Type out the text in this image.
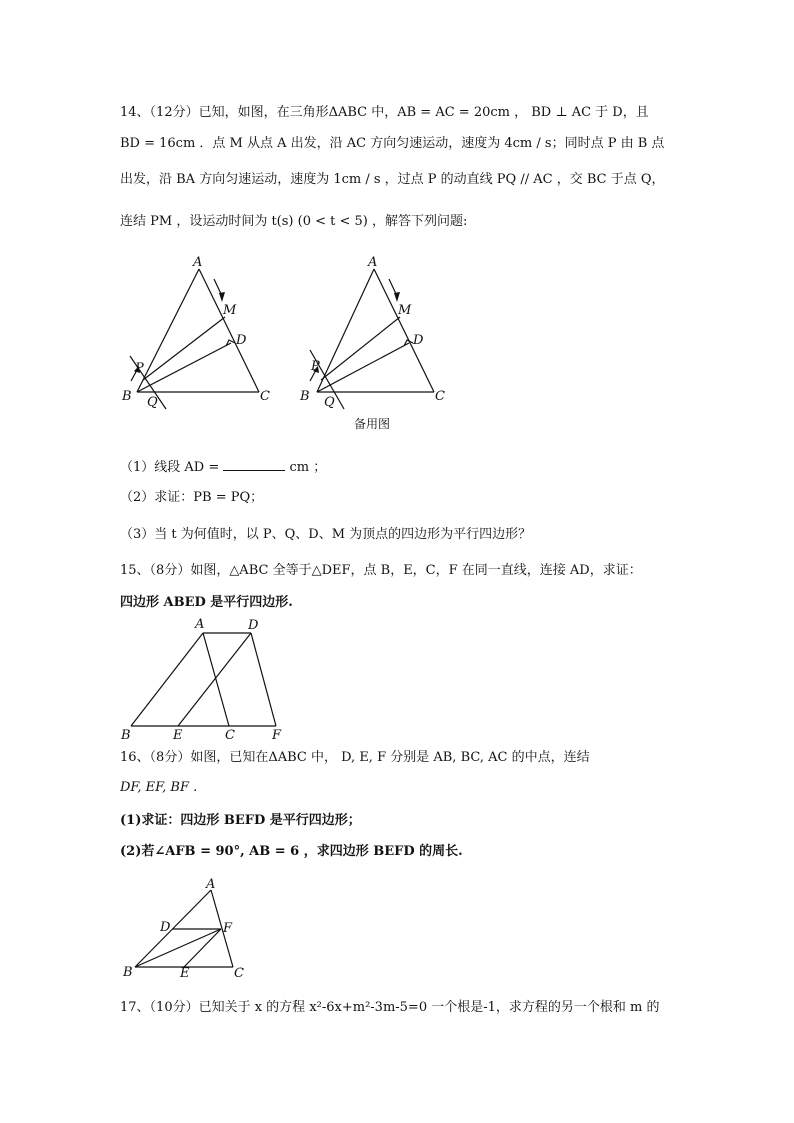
14、（12分）已知，如图，在三角形ΔABC 中，AB = AC = 20cm ， BD ⊥ AC 于 D，且
BD = 16cm ．点 M 从点 A 出发，沿 AC 方向匀速运动，速度为 4cm / s；同时点 P 由 B 点
出发，沿 BA 方向匀速运动，速度为 1cm / s ，过点 P 的动直线 PQ // AC ，交 BC 于点 Q，
连结 PM ，设运动时间为 t(s) (0 < t < 5) ，解答下列问题:
A
M
D
P
B Q	C
A
M
D
P
B Q	C
备用图
（1）线段 AD =	cm ；
（2）求证：PB = PQ；
（3）当 t 为何值时，以 P、Q、D、M 为顶点的四边形为平行四边形？
15、（8分）如图，△ABC 全等于△DEF，点 B，E，C，F 在同一直线，连接 AD，求证：
四边形 ABED 是平行四边形.
A	D
B	E	C	F
16、（8分）如图，已知在ΔABC 中， D, E, F 分别是 AB, BC, AC 的中点，连结
DF, EF, BF .
(1)求证：四边形 BEFD 是平行四边形；
(2)若∠AFB = 90°, AB = 6 ，求四边形 BEFD 的周长.
A
D	F
B	E	C
17、（10分）已知关于 x 的方程 x²-6x+m²-3m-5=0 一个根是-1，求方程的另一个根和 m 的
